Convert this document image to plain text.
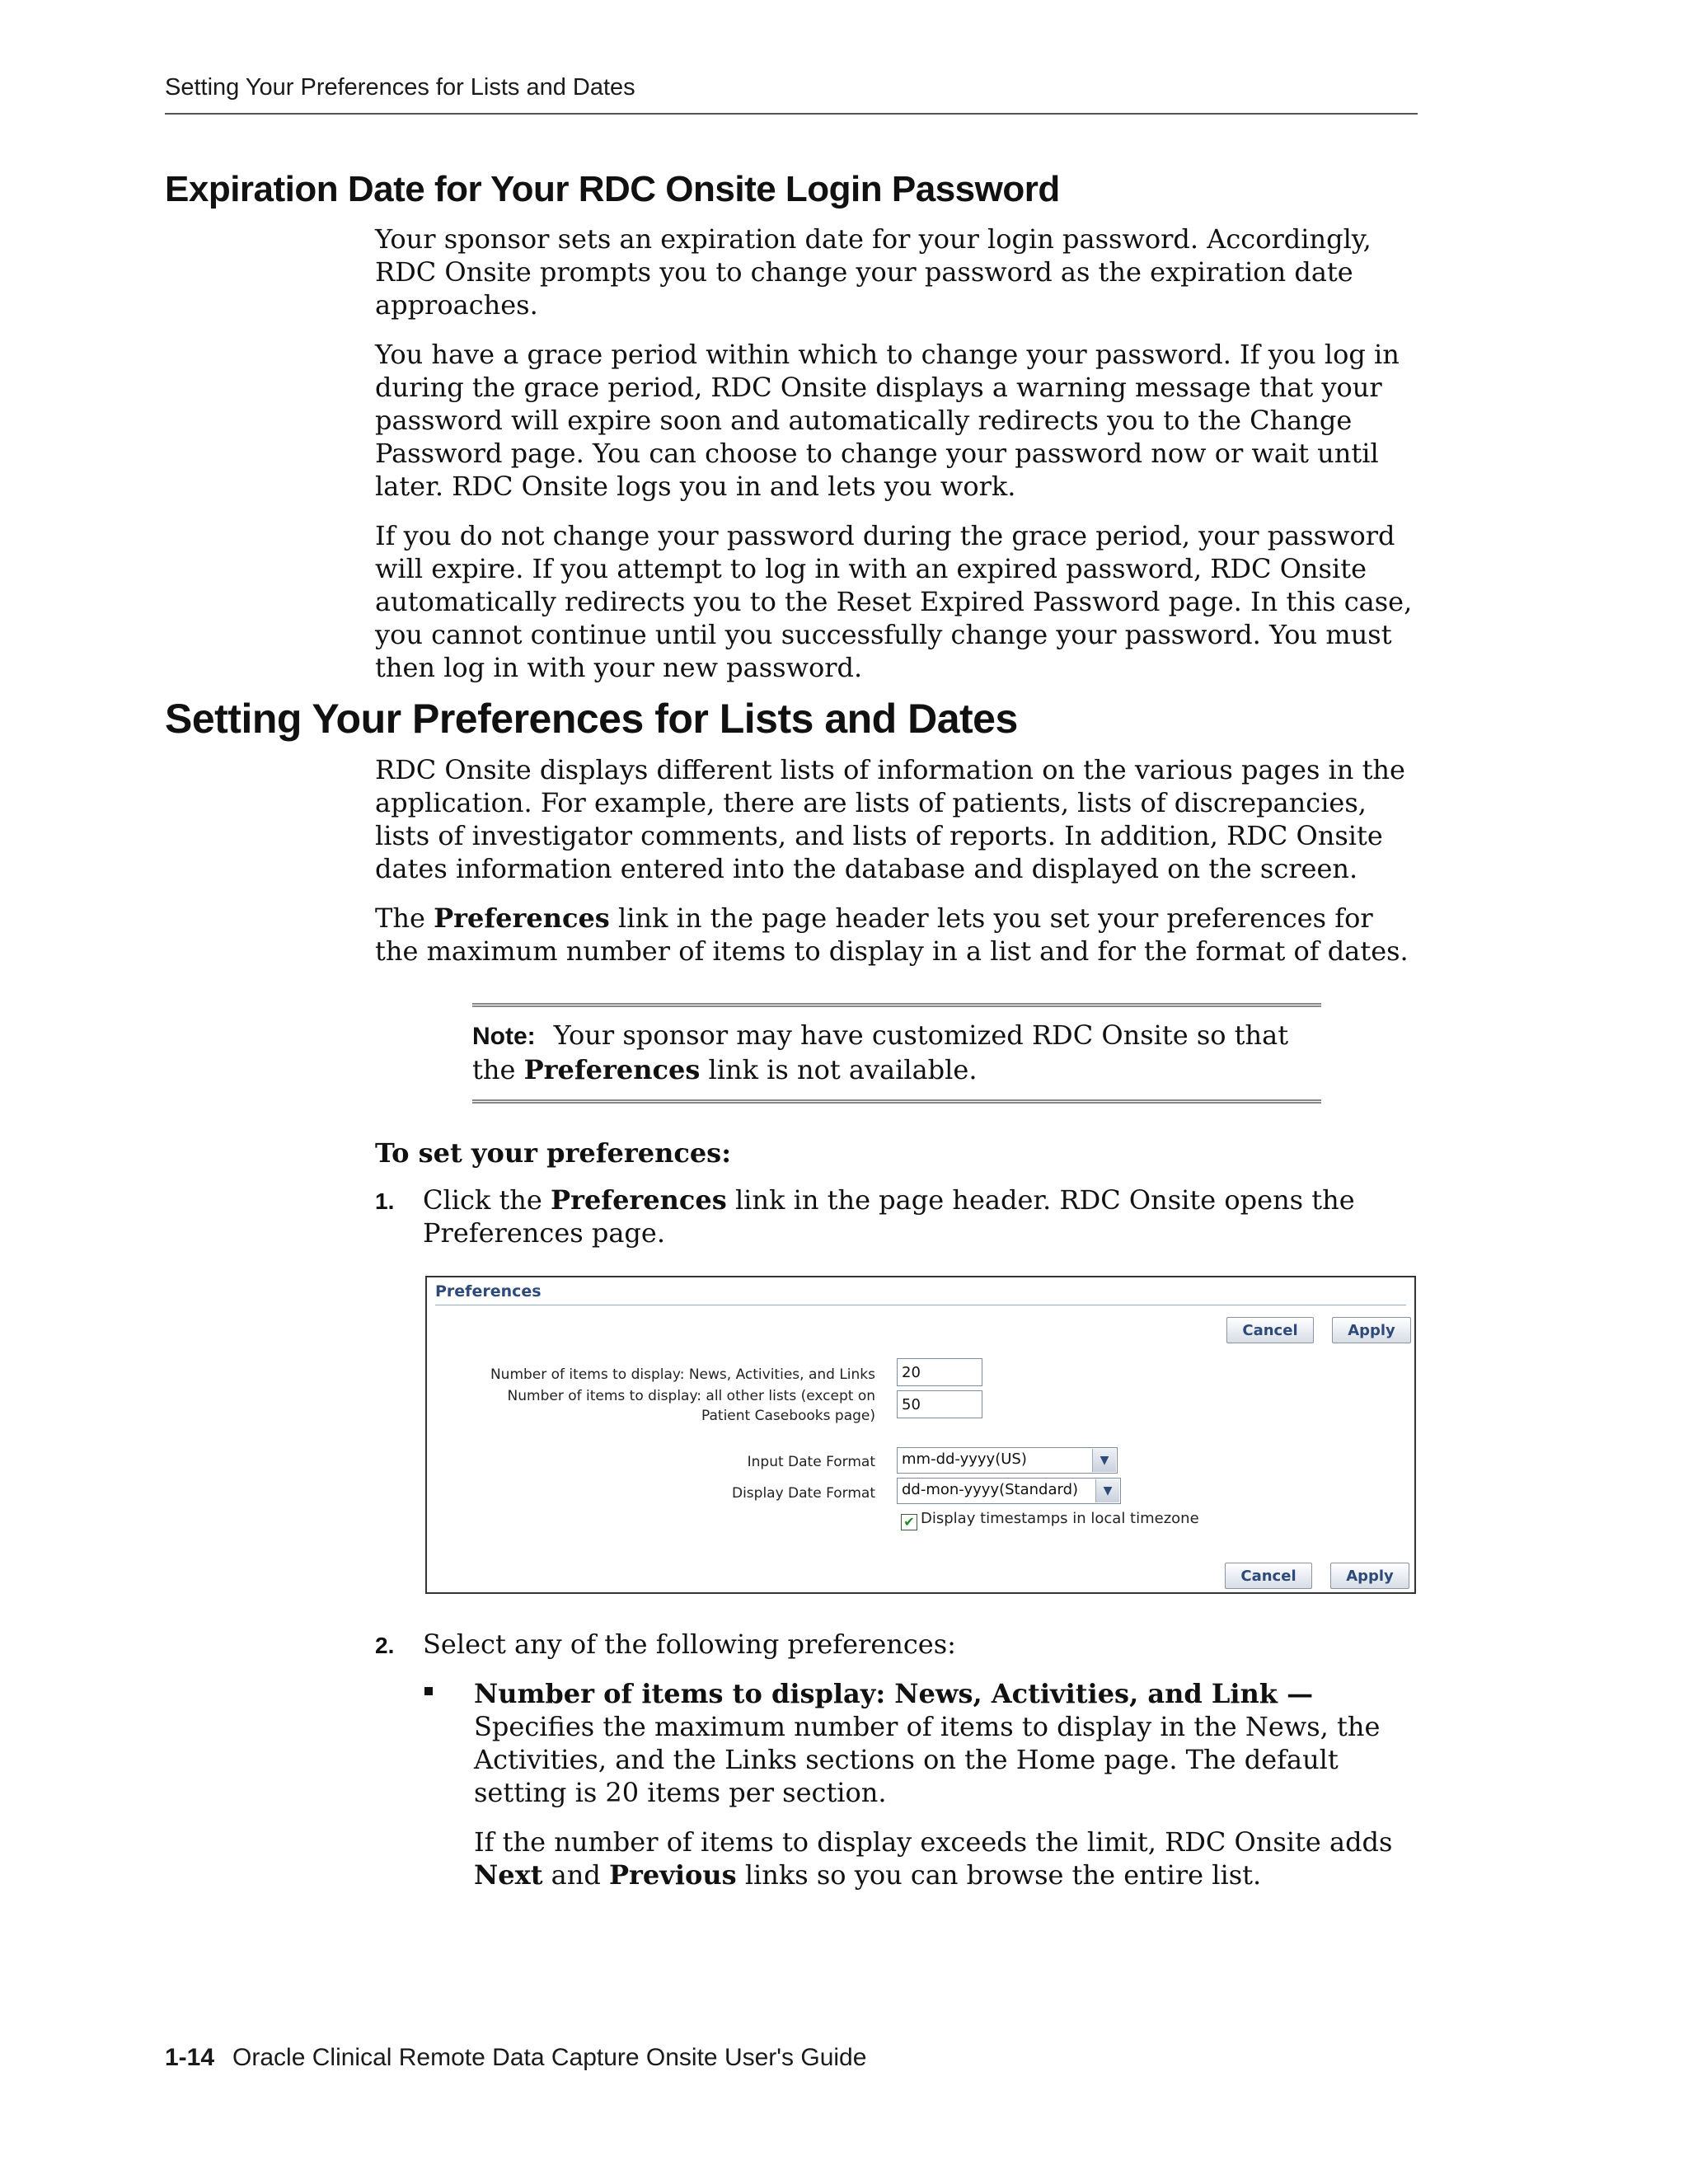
Setting Your Preferences for Lists and Dates
Expiration Date for Your RDC Onsite Login Password

Your sponsor sets an expiration date for your login password. Accordingly, RDC Onsite prompts you to change your password as the expiration date approaches.

You have a grace period within which to change your password. If you log in during the grace period, RDC Onsite displays a warning message that your password will expire soon and automatically redirects you to the Change Password page. You can choose to change your password now or wait until later. RDC Onsite logs you in and lets you work.

If you do not change your password during the grace period, your password will expire. If you attempt to log in with an expired password, RDC Onsite automatically redirects you to the Reset Expired Password page. In this case, you cannot continue until you successfully change your password. You must then log in with your new password.

Setting Your Preferences for Lists and Dates

RDC Onsite displays different lists of information on the various pages in the application. For example, there are lists of patients, lists of discrepancies, lists of investigator comments, and lists of reports. In addition, RDC Onsite dates information entered into the database and displayed on the screen.

The Preferences link in the page header lets you set your preferences for the maximum number of items to display in a list and for the format of dates.

Note: Your sponsor may have customized RDC Onsite so that the Preferences link is not available.

To set your preferences:
1. Click the Preferences link in the page header. RDC Onsite opens the Preferences page.
Preferences
Cancel	Apply
Number of items to display: News, Activities, and Links
20
Number of items to display: all other lists (except on
Patient Casebooks page)
50
Input Date Format	mm-dd-yyyy(US)	▼
Display Date Format	dd-mon-yyyy(Standard)	▼
✔ Display timestamps in local timezone
Cancel	Apply
2. Select any of the following preferences:

Number of items to display: News, Activities, and Link — Specifies the maximum number of items to display in the News, the Activities, and the Links sections on the Home page. The default setting is 20 items per section.

If the number of items to display exceeds the limit, RDC Onsite adds Next and Previous links so you can browse the entire list.

1-14 Oracle Clinical Remote Data Capture Onsite User's Guide
